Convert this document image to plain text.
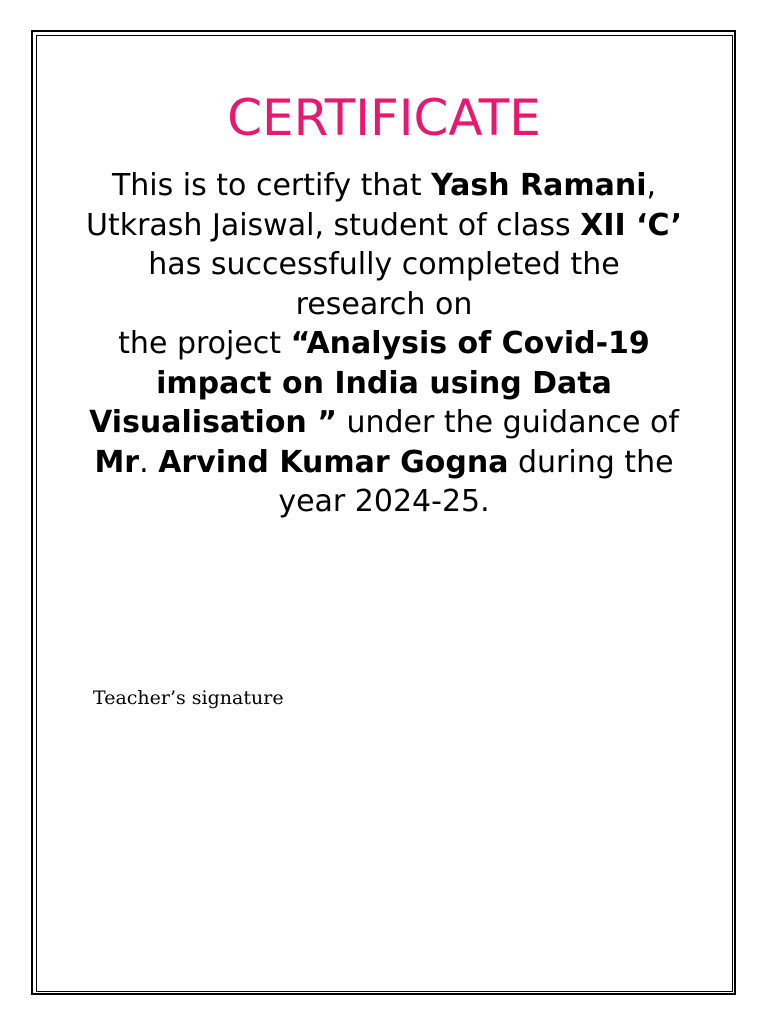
CERTIFICATE

This is to certify that Yash Ramani, Utkrash Jaiswal, student of class XII ‘C’ has successfully completed the research on
the project “Analysis of Covid-19 impact on India using Data
Visualisation ” under the guidance of Mr. Arvind Kumar Gogna during the year 2024-25.

Teacher’s signature
